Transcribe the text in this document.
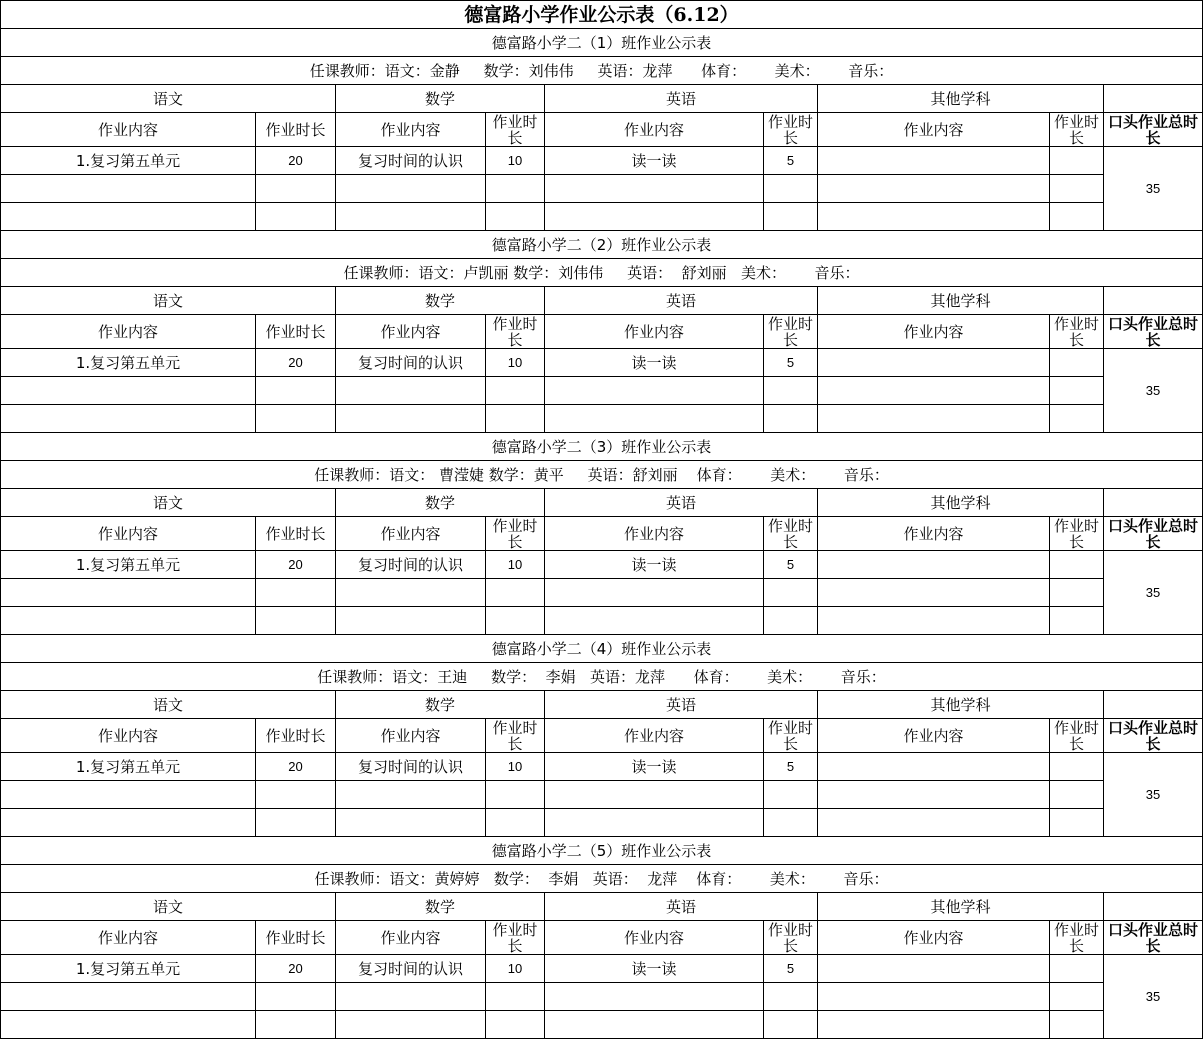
德富路小学作业公示表（6.12）								
德富路小学二（1）班作业公示表								
任课教师：语文：金静     数学：刘伟伟     英语：龙萍      体育：      美术：      音乐：								
语文		数学		英语		其他学科		
作业内容	作业时长	作业内容	作业时长	作业内容	作业时长	作业内容	作业时长	口头作业总时长

1.复习第五单元	20	复习时间的认识	10	读一读	5			35

德富路小学二（2）班作业公示表								
任课教师：语文：卢凯丽 数学：刘伟伟     英语：  舒刘丽   美术：      音乐：								
语文		数学		英语		其他学科		
作业内容	作业时长	作业内容	作业时长	作业内容	作业时长	作业内容	作业时长	口头作业总时长

1.复习第五单元	20	复习时间的认识	10	读一读	5			35

德富路小学二（3）班作业公示表								
任课教师：语文： 曹滢婕 数学：黄平     英语：舒刘丽    体育：      美术：      音乐：								
语文		数学		英语		其他学科		
作业内容	作业时长	作业内容	作业时长	作业内容	作业时长	作业内容	作业时长	口头作业总时长

1.复习第五单元	20	复习时间的认识	10	读一读	5			35

德富路小学二（4）班作业公示表								
任课教师：语文：王迪     数学：  李娟   英语：龙萍      体育：      美术：      音乐：								
语文		数学		英语		其他学科		
作业内容	作业时长	作业内容	作业时长	作业内容	作业时长	作业内容	作业时长	口头作业总时长

1.复习第五单元	20	复习时间的认识	10	读一读	5			35

德富路小学二（5）班作业公示表								
任课教师：语文：黄婷婷   数学：  李娟   英语：  龙萍    体育：      美术：      音乐：								
语文		数学		英语		其他学科		
作业内容	作业时长	作业内容	作业时长	作业内容	作业时长	作业内容	作业时长	口头作业总时长

1.复习第五单元	20	复习时间的认识	10	读一读	5			35
